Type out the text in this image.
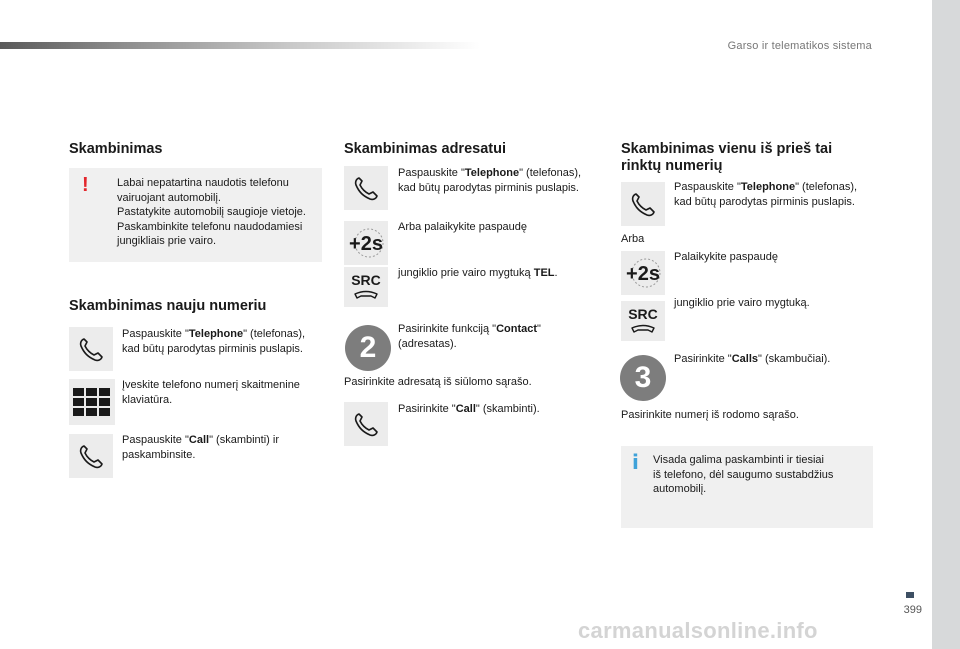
Garso ir telematikos sistema
399
carmanualsonline.info
Skambinimas
!	Labai nepatartina naudotis telefonu
vairuojant automobilį.
Pastatykite automobilį saugioje vietoje.
Paskambinkite telefonu naudodamiesi
jungikliais prie vairo.
Skambinimas nauju numeriu
Paspauskite "Telephone" (telefonas),
kad būtų parodytas pirminis puslapis.
Įveskite telefono numerį skaitmenine
klaviatūra.
Paspauskite "Call" (skambinti) ir
paskambinsite.
Skambinimas adresatui
Paspauskite "Telephone" (telefonas),
kad būtų parodytas pirminis puslapis.
+2s
Arba palaikykite paspaudę
SRC jungiklio prie vairo mygtuką TEL.
2
Pasirinkite funkciją "Contact"
(adresatas).
Pasirinkite adresatą iš siūlomo sąrašo.
Pasirinkite "Call" (skambinti).
Skambinimas vienu iš prieš tai
rinktų numerių
Paspauskite "Telephone" (telefonas),
kad būtų parodytas pirminis puslapis.
Arba
+2s
Palaikykite paspaudę
SRC
jungiklio prie vairo mygtuką.
3
Pasirinkite "Calls" (skambučiai).
Pasirinkite numerį iš rodomo sąrašo.
i Visada galima paskambinti ir tiesiai
iš telefono, dėl saugumo sustabdžius
automobilį.
